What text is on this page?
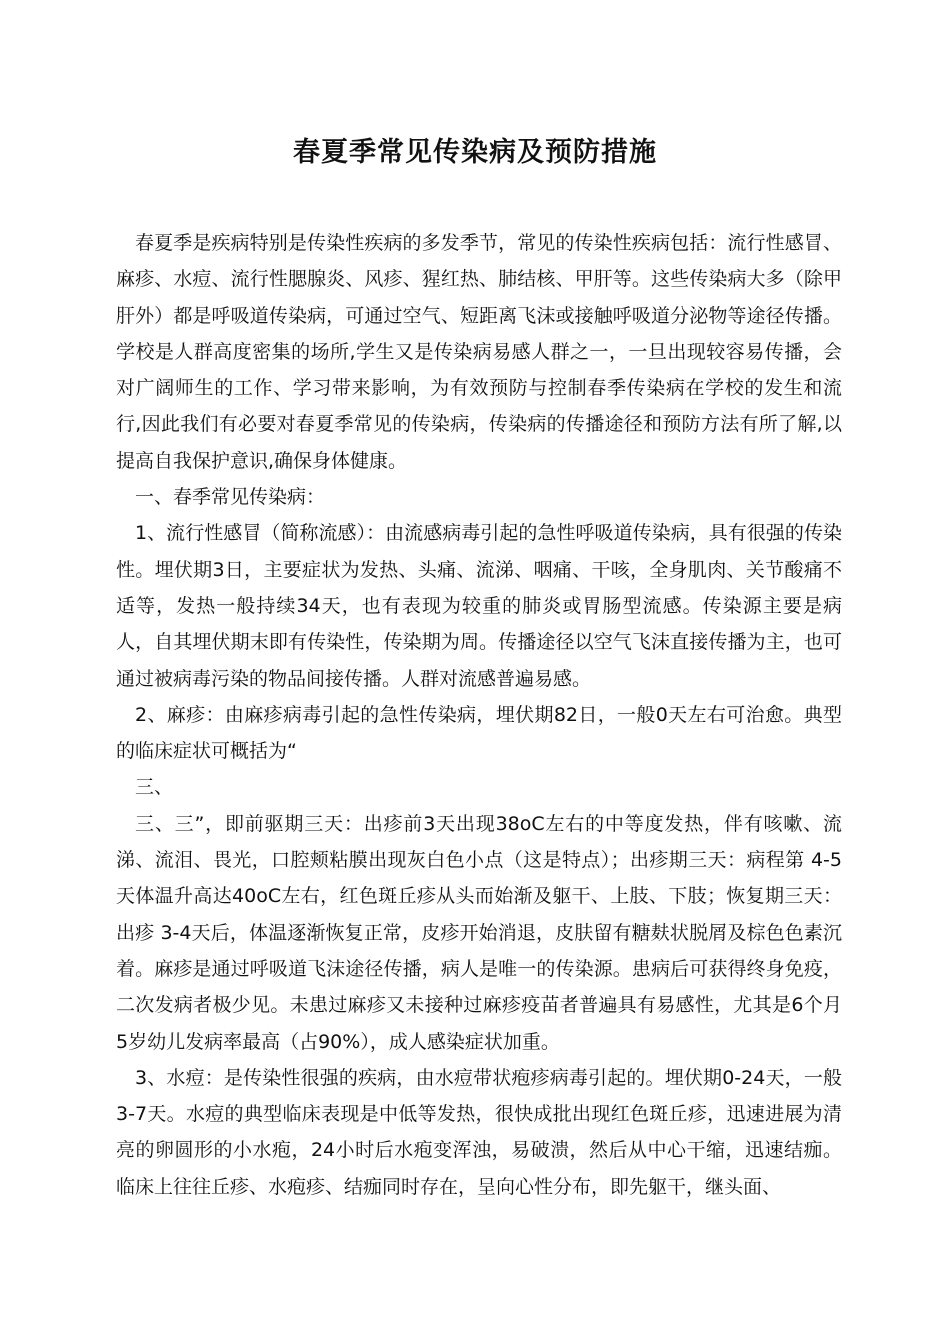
春夏季常见传染病及预防措施

春夏季是疾病特别是传染性疾病的多发季节，常见的传染性疾病包括：流行性感冒、麻疹、水痘、流行性腮腺炎、风疹、猩红热、肺结核、甲肝等。这些传染病大多（除甲肝外）都是呼吸道传染病，可通过空气、短距离飞沫或接触呼吸道分泌物等途径传播。学校是人群高度密集的场所,学生又是传染病易感人群之一，一旦出现较容易传播，会对广阔师生的工作、学习带来影响，为有效预防与控制春季传染病在学校的发生和流行,因此我们有必要对春夏季常见的传染病，传染病的传播途径和预防方法有所了解,以提高自我保护意识,确保身体健康。

一、春季常见传染病：

1、流行性感冒（简称流感）：由流感病毒引起的急性呼吸道传染病，具有很强的传染性。埋伏期3日，主要症状为发热、头痛、流涕、咽痛、干咳，全身肌肉、关节酸痛不适等，发热一般持续34天，也有表现为较重的肺炎或胃肠型流感。传染源主要是病人，自其埋伏期末即有传染性，传染期为周。传播途径以空气飞沫直接传播为主，也可通过被病毒污染的物品间接传播。人群对流感普遍易感。

2、麻疹：由麻疹病毒引起的急性传染病，埋伏期82日，一般0天左右可治愈。典型的临床症状可概括为“

三、

三、三”，即前驱期三天：出疹前3天出现38oC左右的中等度发热，伴有咳嗽、流涕、流泪、畏光，口腔颊粘膜出现灰白色小点（这是特点）；出疹期三天：病程第 4-5天体温升高达40oC左右，红色斑丘疹从头而始渐及躯干、上肢、下肢；恢复期三天：出疹 3-4天后，体温逐渐恢复正常，皮疹开始消退，皮肤留有糖麸状脱屑及棕色色素沉着。麻疹是通过呼吸道飞沫途径传播，病人是唯一的传染源。患病后可获得终身免疫，二次发病者极少见。未患过麻疹又未接种过麻疹疫苗者普遍具有易感性，尤其是6个月5岁幼儿发病率最高（占90%），成人感染症状加重。

3、水痘：是传染性很强的疾病，由水痘带状疱疹病毒引起的。埋伏期0-24天，一般3-7天。水痘的典型临床表现是中低等发热，很快成批出现红色斑丘疹，迅速进展为清亮的卵圆形的小水疱，24小时后水疱变浑浊，易破溃，然后从中心干缩，迅速结痂。临床上往往丘疹、水疱疹、结痂同时存在，呈向心性分布，即先躯干，继头面、
